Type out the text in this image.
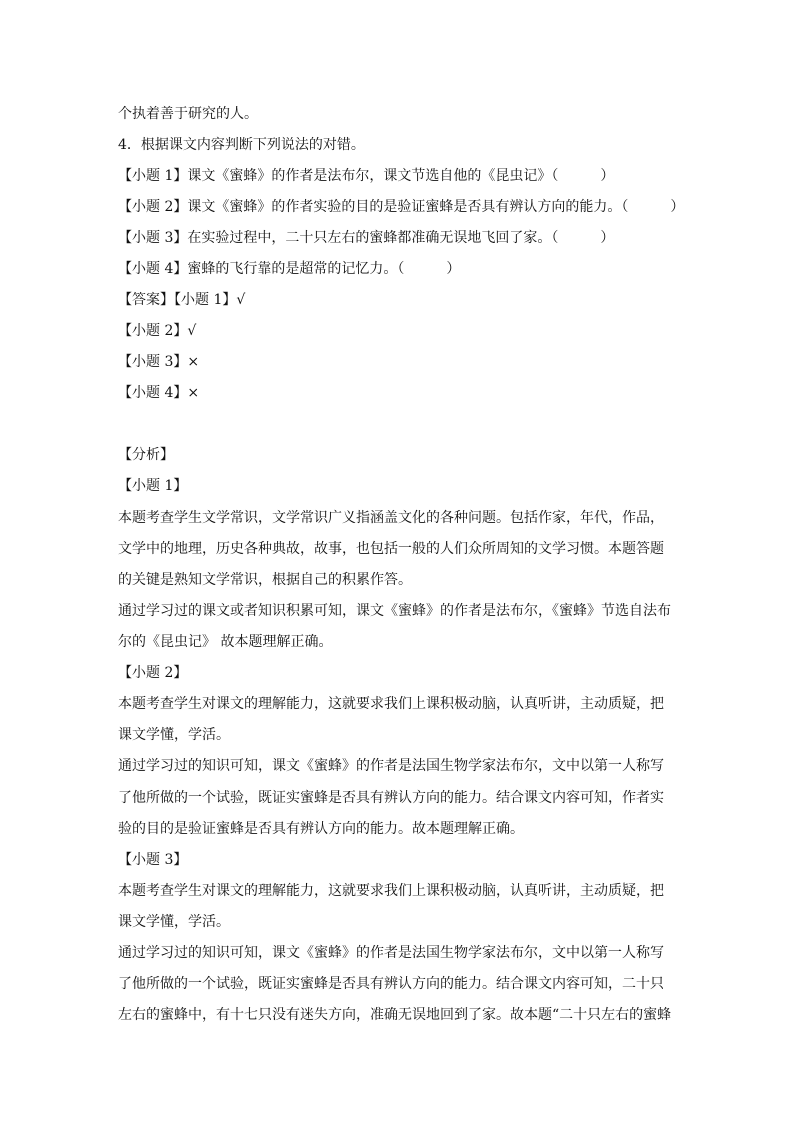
个执着善于研究的人。
4．根据课文内容判断下列说法的对错。
【小题 1】课文《蜜蜂》的作者是法布尔，课文节选自他的《昆虫记》（　　　）
【小题 2】课文《蜜蜂》的作者实验的目的是验证蜜蜂是否具有辨认方向的能力。（　　　）
【小题 3】在实验过程中，二十只左右的蜜蜂都准确无误地飞回了家。（　　　）
【小题 4】蜜蜂的飞行靠的是超常的记忆力。（　　　）
【答案】【小题 1】√
【小题 2】√
【小题 3】×
【小题 4】×
【分析】
【小题 1】
本题考查学生文学常识，文学常识广义指涵盖文化的各种问题。包括作家，年代，作品，
文学中的地理，历史各种典故，故事，也包括一般的人们众所周知的文学习惯。本题答题
的关键是熟知文学常识，根据自己的积累作答。
通过学习过的课文或者知识积累可知，课文《蜜蜂》的作者是法布尔，《蜜蜂》节选自法布
尔的《昆虫记》 故本题理解正确。
【小题 2】
本题考查学生对课文的理解能力，这就要求我们上课积极动脑，认真听讲，主动质疑，把
课文学懂，学活。
通过学习过的知识可知，课文《蜜蜂》的作者是法国生物学家法布尔，文中以第一人称写
了他所做的一个试验，既证实蜜蜂是否具有辨认方向的能力。结合课文内容可知，作者实
验的目的是验证蜜蜂是否具有辨认方向的能力。故本题理解正确。
【小题 3】
本题考查学生对课文的理解能力，这就要求我们上课积极动脑，认真听讲，主动质疑，把
课文学懂，学活。
通过学习过的知识可知，课文《蜜蜂》的作者是法国生物学家法布尔，文中以第一人称写
了他所做的一个试验，既证实蜜蜂是否具有辨认方向的能力。结合课文内容可知，二十只
左右的蜜蜂中，有十七只没有迷失方向，准确无误地回到了家。故本题“二十只左右的蜜蜂
